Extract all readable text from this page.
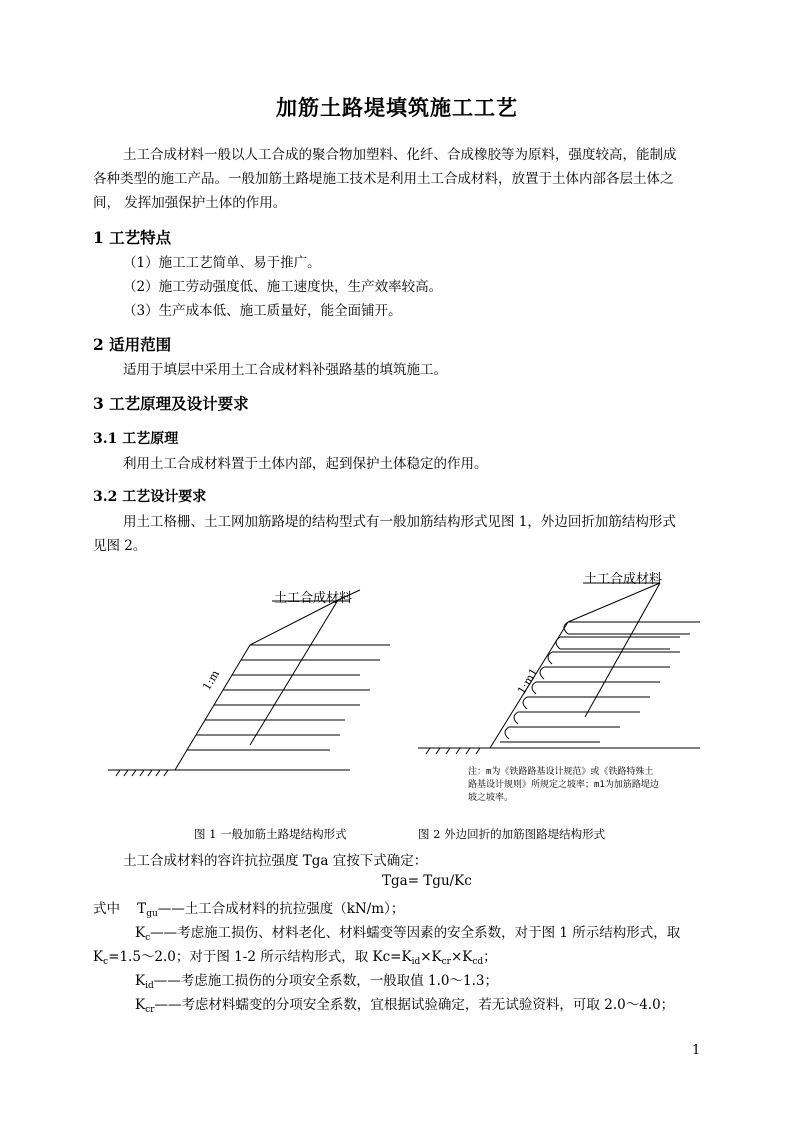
加筋土路堤填筑施工工艺
土工合成材料一般以人工合成的聚合物加塑料、化纤、合成橡胶等为原料，强度较高，能制成
各种类型的施工产品。一般加筋土路堤施工技术是利用土工合成材料，放置于土体内部各层土体之
间， 发挥加强保护土体的作用。
1 工艺特点
（1）施工工艺简单、易于推广。
（2）施工劳动强度低、施工速度快，生产效率较高。
（3）生产成本低、施工质量好，能全面铺开。
2 适用范围
适用于填层中采用土工合成材料补强路基的填筑施工。
3 工艺原理及设计要求
3.1 工艺原理
利用土工合成材料置于土体内部，起到保护土体稳定的作用。
3.2 工艺设计要求
用土工格栅、土工网加筋路堤的结构型式有一般加筋结构形式见图 1，外边回折加筋结构形式
见图 2。
土工合成材料
1:m
土工合成材料
1:m1
注：m为《铁路路基设计规范》或《铁路特殊土
路基设计规则》所规定之坡率；m1为加筋路堤边
坡之坡率。
图 1 一般加筋土路堤结构形式	图 2 外边回折的加筋图路堤结构形式
土工合成材料的容许抗拉强度 Tga 宜按下式确定：
Tga= Tgu/Kc
式中 $T_{gu}——$土工合成材料的抗拉强度（kN/m）；
$K_c——$考虑施工损伤、材料老化、材料蠕变等因素的安全系数，对于图 1 所示结构形式，取
$K_c=1.5\sim 2.0$；对于图 1-2 所示结构形式，取 $Kc=K_{id}\times K_{cr}\times K_{cd}$；
$K_{id}——$考虑施工损伤的分项安全系数，一般取值 1.0～1.3；
$K_{cr}——$考虑材料蠕变的分项安全系数，宜根据试验确定，若无试验资料，可取 2.0～4.0；
1
